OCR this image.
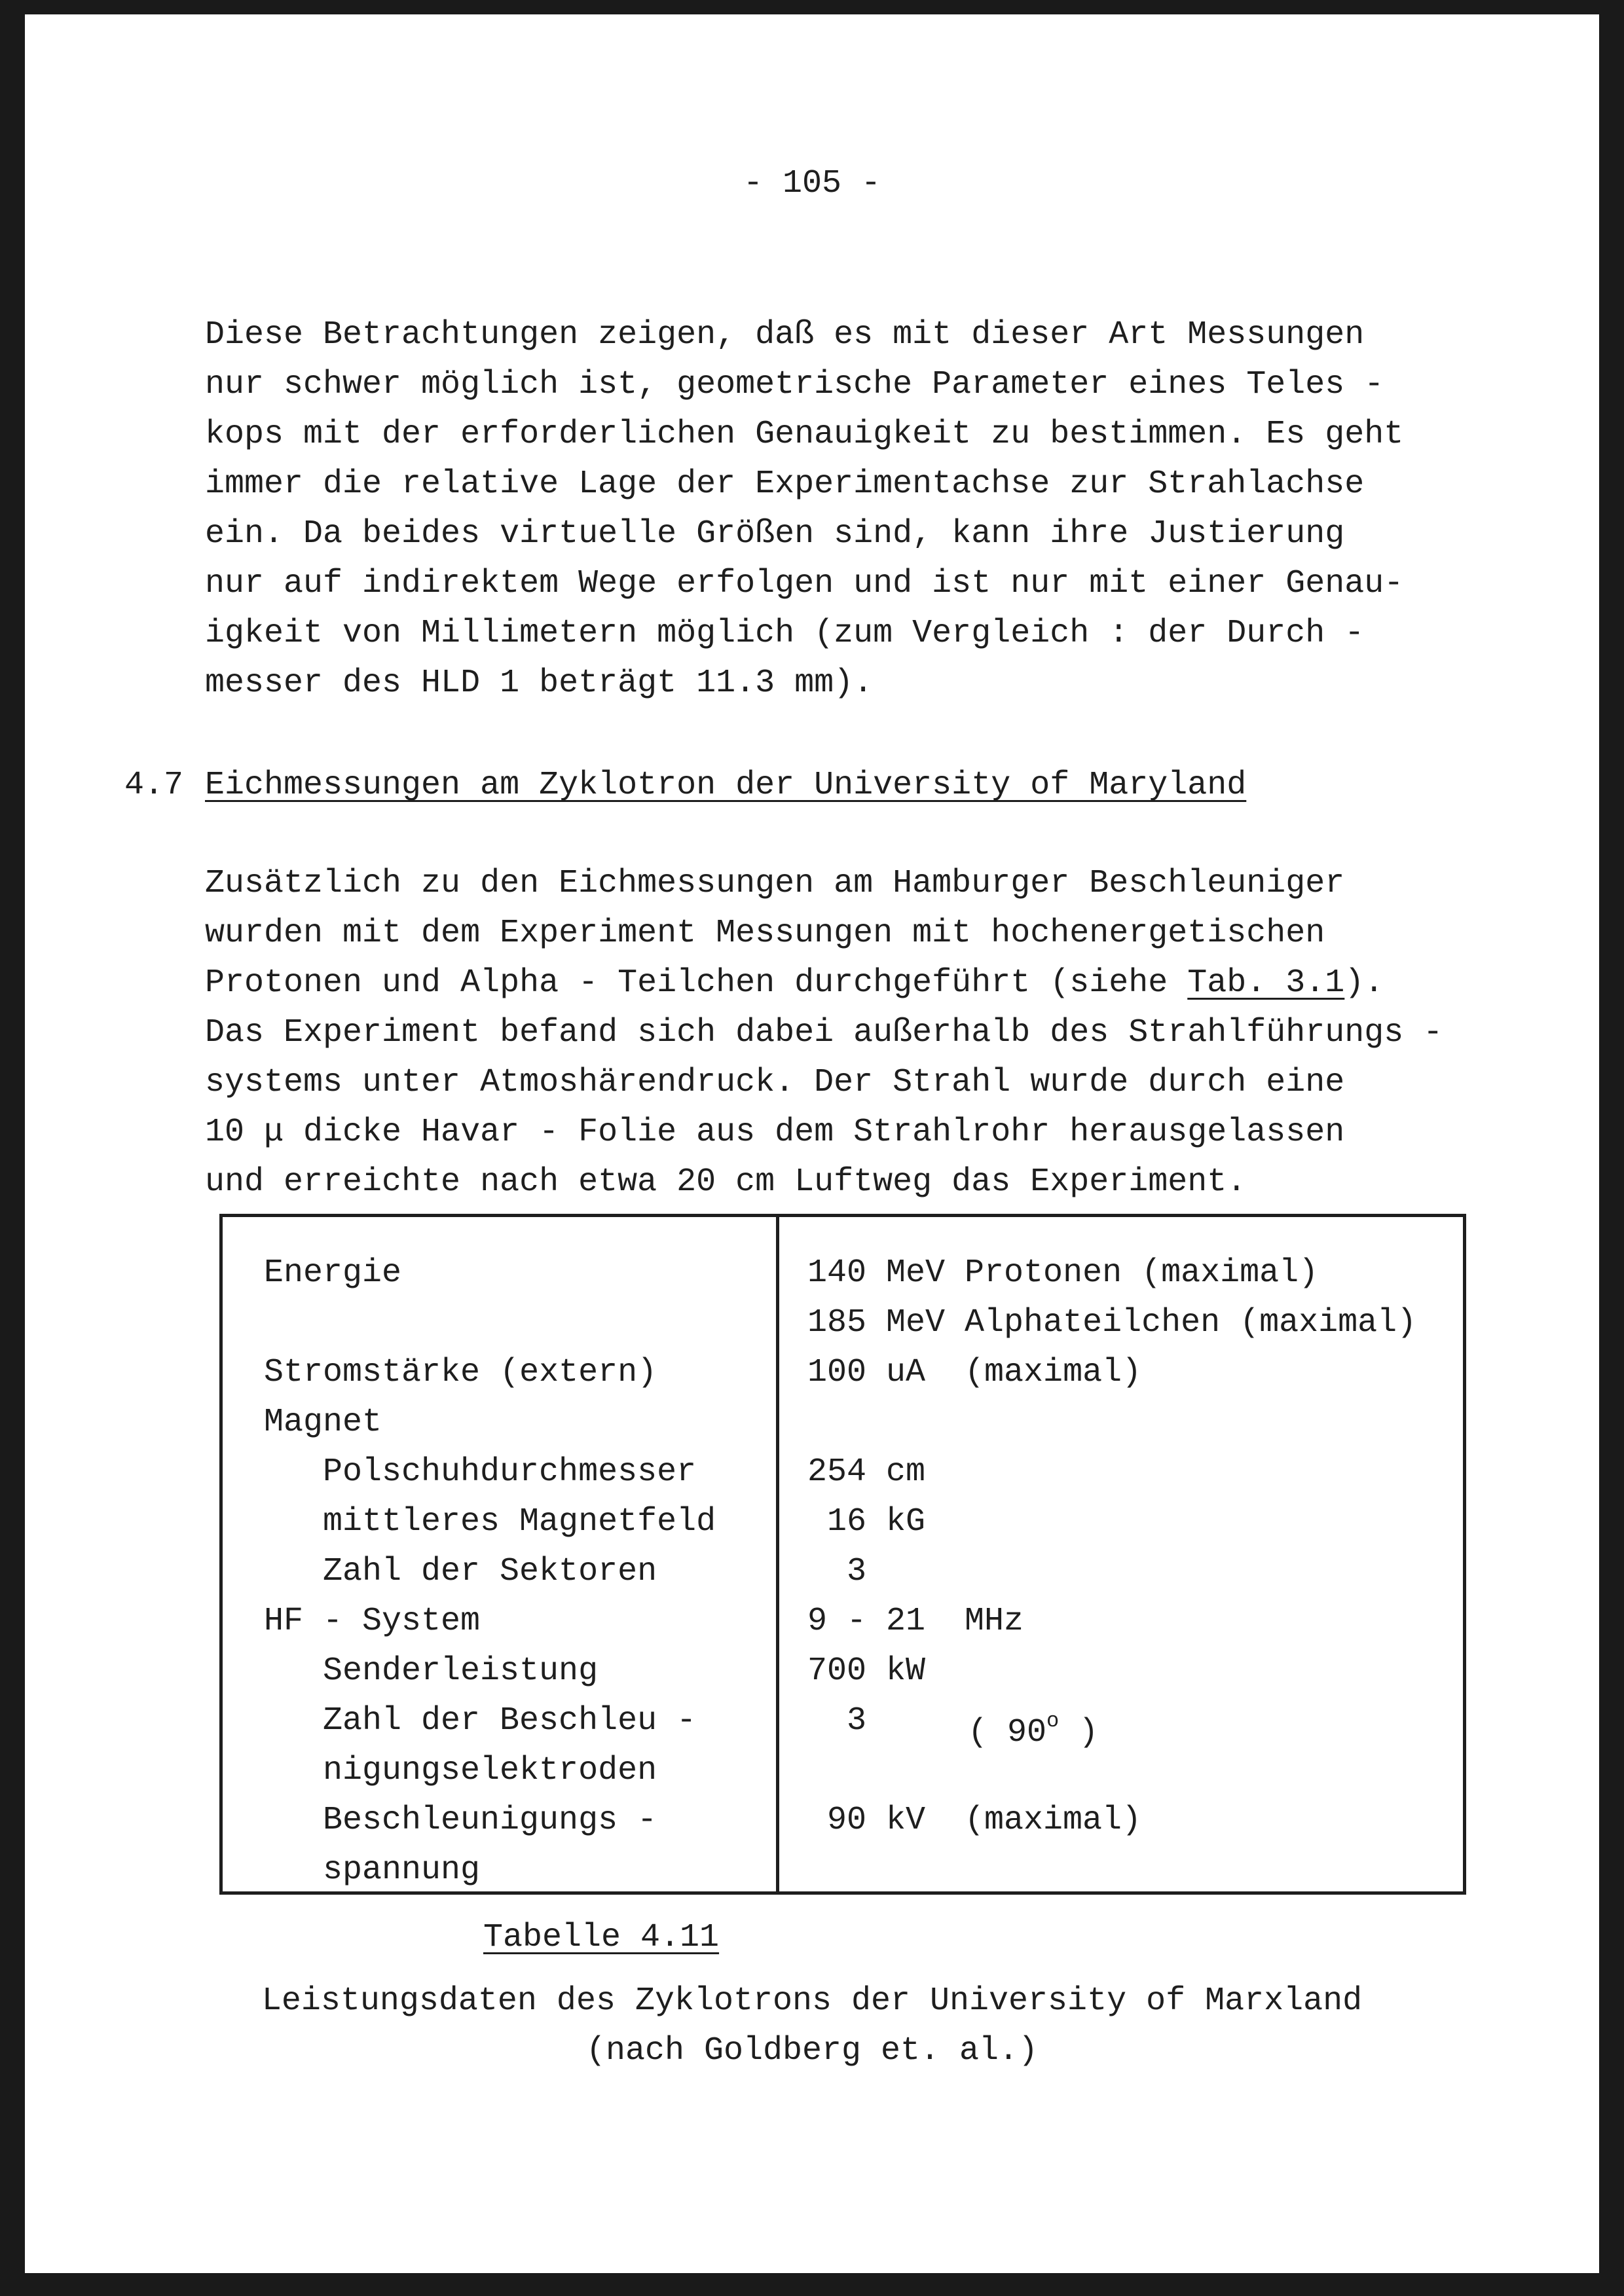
- 105 -
Diese Betrachtungen zeigen, daß es mit dieser Art Messungen
nur schwer möglich ist, geometrische Parameter eines Teles -
kops mit der erforderlichen Genauigkeit zu bestimmen. Es geht
immer die relative Lage der Experimentachse zur Strahlachse
ein. Da beides virtuelle Größen sind, kann ihre Justierung
nur auf indirektem Wege erfolgen und ist nur mit einer Genau-
igkeit von Millimetern möglich (zum Vergleich : der Durch -
messer des HLD 1 beträgt 11.3 mm).
4.7 Eichmessungen am Zyklotron der University of Maryland
Zusätzlich zu den Eichmessungen am Hamburger Beschleuniger
wurden mit dem Experiment Messungen mit hochenergetischen
Protonen und Alpha - Teilchen durchgeführt (siehe Tab. 3.1).
Das Experiment befand sich dabei außerhalb des Strahlführungs -
systems unter Atmoshärendruck. Der Strahl wurde durch eine
10 μ dicke Havar - Folie aus dem Strahlrohr herausgelassen
und erreichte nach etwa 20 cm Luftweg das Experiment.
Energie
Stromstärke (extern)
Magnet
Polschuhdurchmesser
mittleres Magnetfeld
Zahl der Sektoren
HF - System
Senderleistung
Zahl der Beschleu -
nigungselektroden
Beschleunigungs -
spannung
140 MeV Protonen (maximal)
185 MeV Alphateilchen (maximal)
100 uA  (maximal)
254 cm
16 kG
3
9 - 21  MHz
700 kW
3	( 90$^o$ )
90 kV  (maximal)
Tabelle 4.11
Leistungsdaten des Zyklotrons der University of Marxland
(nach Goldberg et. al.)
